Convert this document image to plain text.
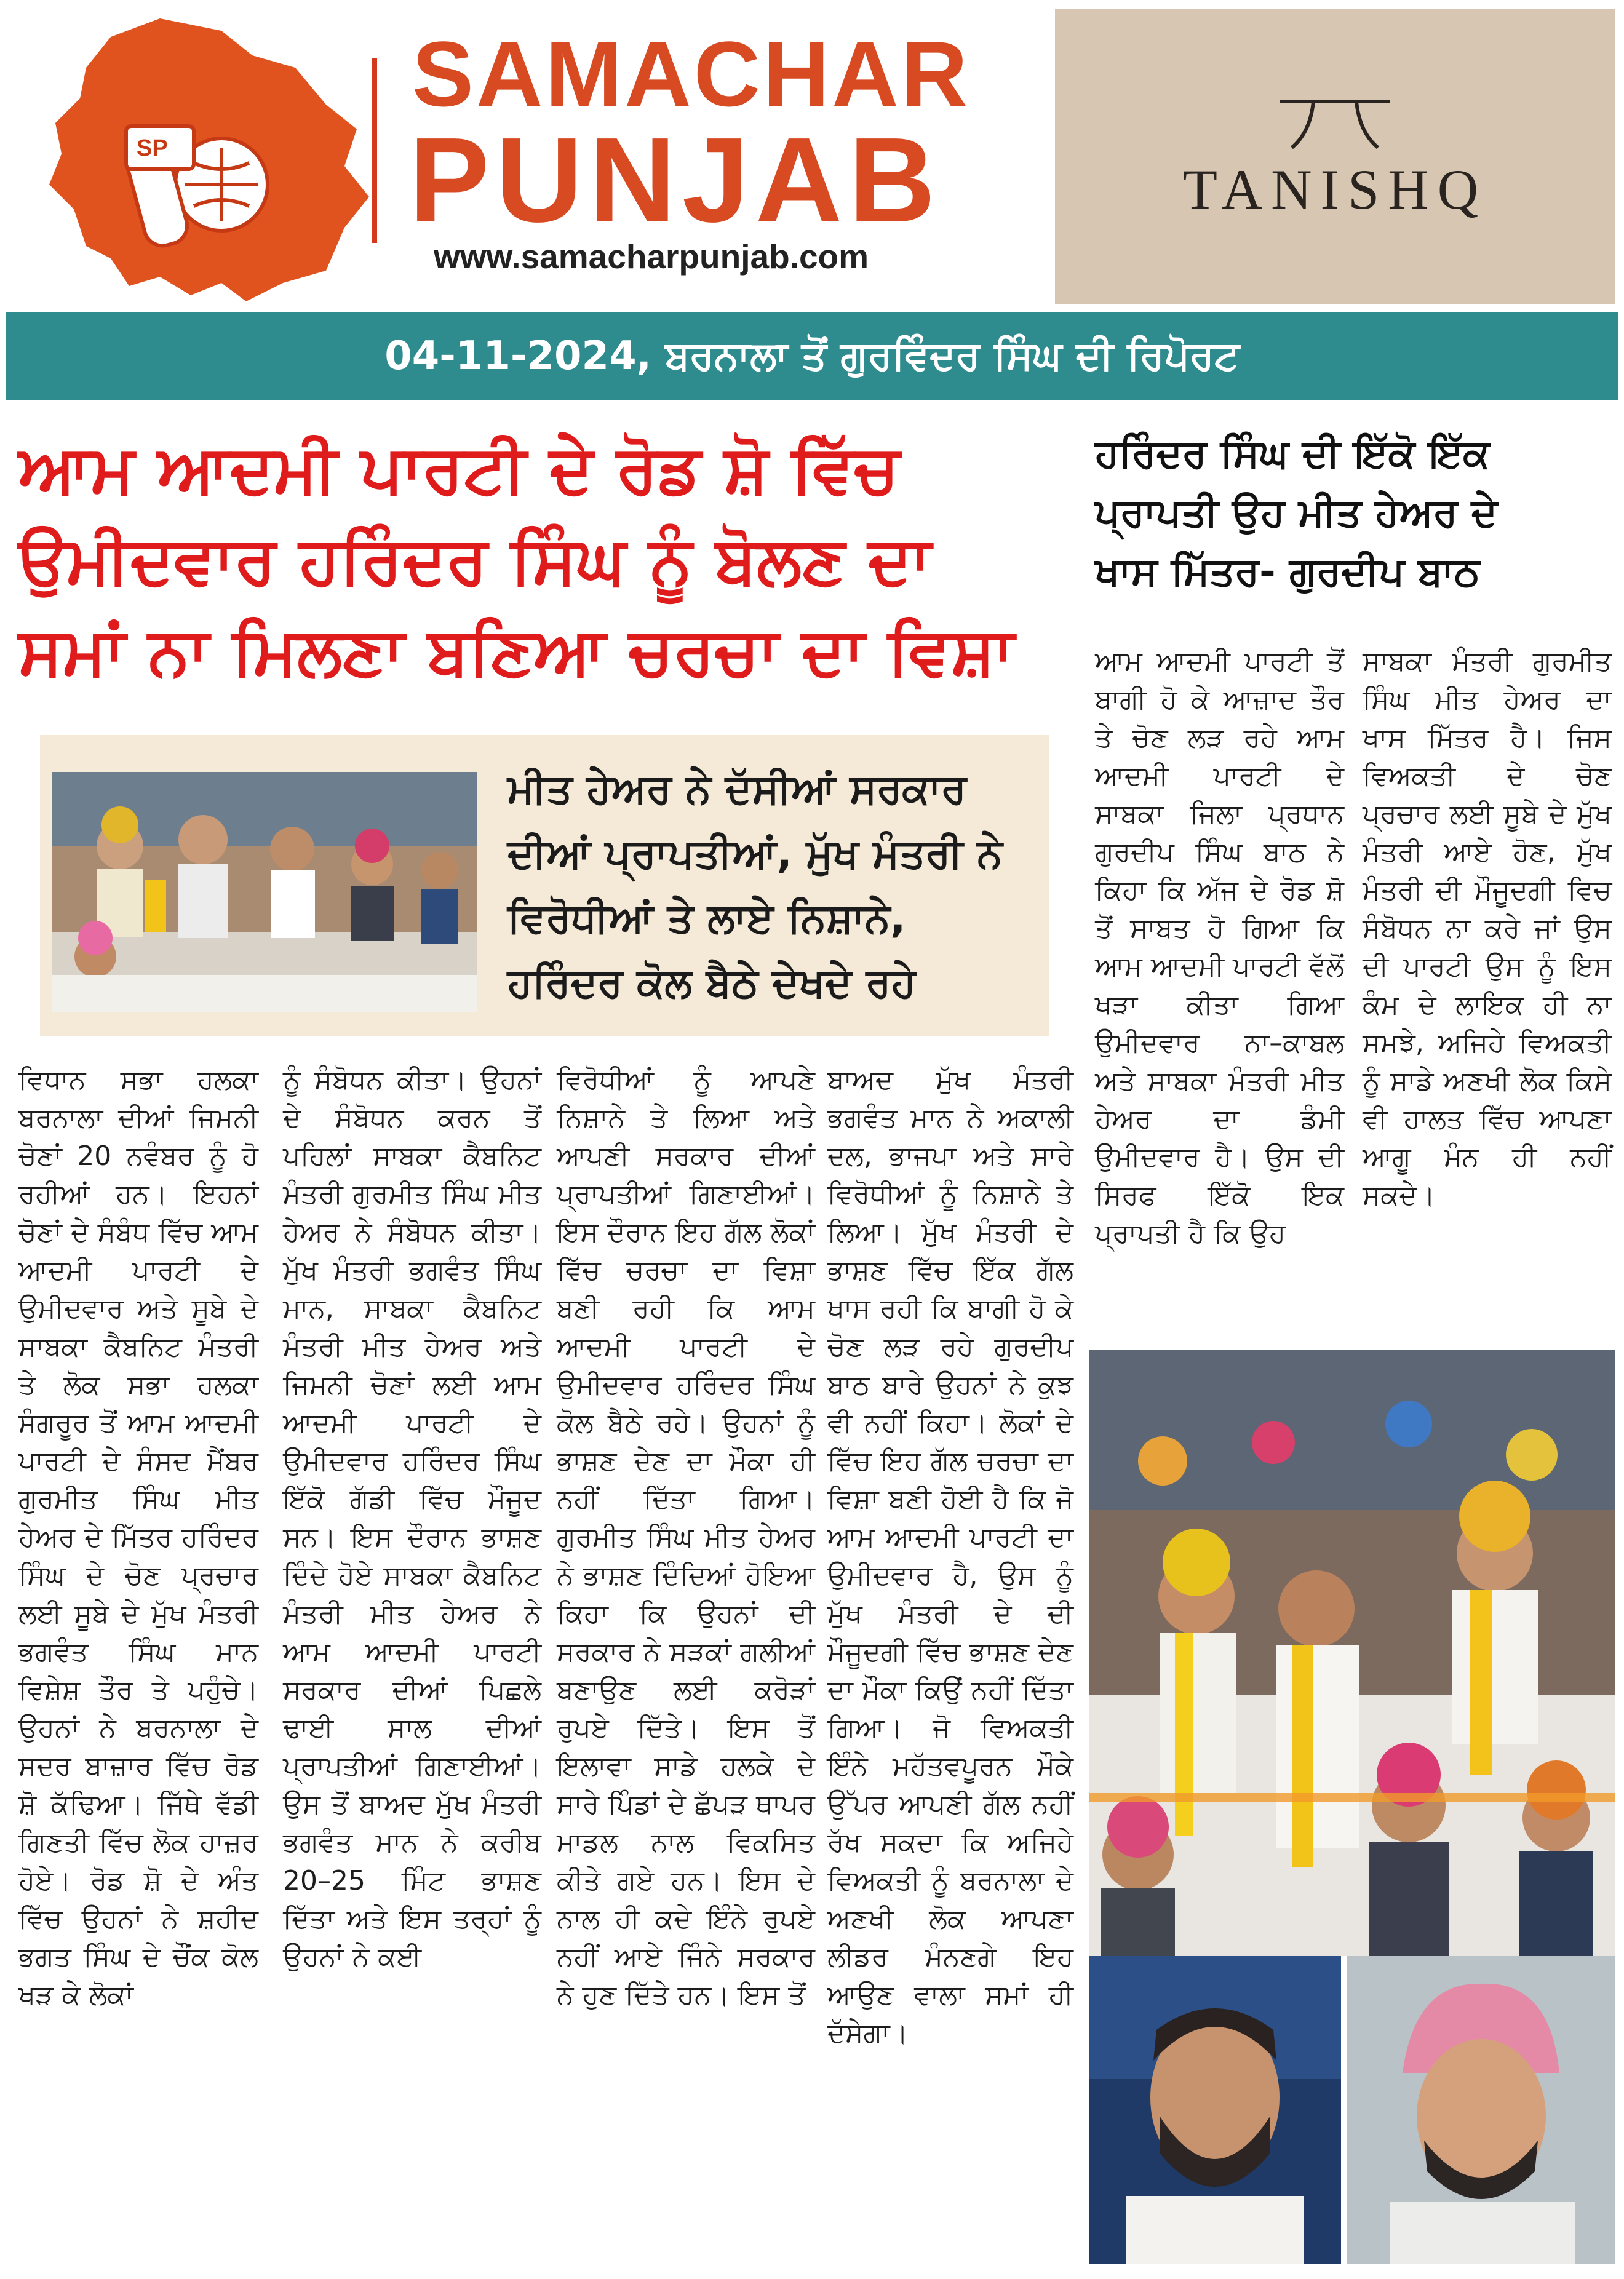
SP
SAMACHAR
PUNJAB
www.samacharpunjab.com
TANISHQ
04-11-2024, ਬਰਨਾਲਾ ਤੋਂ ਗੁਰਵਿੰਦਰ ਸਿੰਘ ਦੀ ਰਿਪੋਰਟ
ਆਮ ਆਦਮੀ ਪਾਰਟੀ ਦੇ ਰੋਡ ਸ਼ੋ ਵਿੱਚ
ਉਮੀਦਵਾਰ ਹਰਿੰਦਰ ਸਿੰਘ ਨੂੰ ਬੋਲਣ ਦਾ
ਸਮਾਂ ਨਾ ਮਿਲਣਾ ਬਣਿਆ ਚਰਚਾ ਦਾ ਵਿਸ਼ਾ
ਹਰਿੰਦਰ ਸਿੰਘ ਦੀ ਇੱਕੋ ਇੱਕ
ਪ੍ਰਾਪਤੀ ਉਹ ਮੀਤ ਹੇਅਰ ਦੇ
ਖਾਸ ਮਿੱਤਰ- ਗੁਰਦੀਪ ਬਾਠ
ਮੀਤ ਹੇਅਰ ਨੇ ਦੱਸੀਆਂ ਸਰਕਾਰ
ਦੀਆਂ ਪ੍ਰਾਪਤੀਆਂ, ਮੁੱਖ ਮੰਤਰੀ ਨੇ
ਵਿਰੋਧੀਆਂ ਤੇ ਲਾਏ ਨਿਸ਼ਾਨੇ,
ਹਰਿੰਦਰ ਕੋਲ ਬੈਠੇ ਦੇਖਦੇ ਰਹੇ
ਵਿਧਾਨ ਸਭਾ ਹਲਕਾ ਬਰਨਾਲਾ ਦੀਆਂ ਜਿਮਨੀ ਚੋਣਾਂ 20 ਨਵੰਬਰ ਨੂੰ ਹੋ ਰਹੀਆਂ ਹਨ। ਇਹਨਾਂ ਚੋਣਾਂ ਦੇ ਸੰਬੰਧ ਵਿੱਚ ਆਮ ਆਦਮੀ ਪਾਰਟੀ ਦੇ ਉਮੀਦਵਾਰ ਅਤੇ ਸੂਬੇ ਦੇ ਸਾਬਕਾ ਕੈਬਨਿਟ ਮੰਤਰੀ ਤੇ ਲੋਕ ਸਭਾ ਹਲਕਾ ਸੰਗਰੂਰ ਤੋਂ ਆਮ ਆਦਮੀ ਪਾਰਟੀ ਦੇ ਸੰਸਦ ਮੈਂਬਰ ਗੁਰਮੀਤ ਸਿੰਘ ਮੀਤ ਹੇਅਰ ਦੇ ਮਿੱਤਰ ਹਰਿੰਦਰ ਸਿੰਘ ਦੇ ਚੋਣ ਪ੍ਰਚਾਰ ਲਈ ਸੂਬੇ ਦੇ ਮੁੱਖ ਮੰਤਰੀ ਭਗਵੰਤ ਸਿੰਘ ਮਾਨ ਵਿਸ਼ੇਸ਼ ਤੌਰ ਤੇ ਪਹੁੰਚੇ। ਉਹਨਾਂ ਨੇ ਬਰਨਾਲਾ ਦੇ ਸਦਰ ਬਾਜ਼ਾਰ ਵਿੱਚ ਰੋਡ ਸ਼ੋ ਕੱਢਿਆ। ਜਿੱਥੇ ਵੱਡੀ ਗਿਣਤੀ ਵਿੱਚ ਲੋਕ ਹਾਜ਼ਰ ਹੋਏ। ਰੋਡ ਸ਼ੋ ਦੇ ਅੰਤ ਵਿੱਚ ਉਹਨਾਂ ਨੇ ਸ਼ਹੀਦ ਭਗਤ ਸਿੰਘ ਦੇ ਚੌਂਕ ਕੋਲ ਖੜ ਕੇ ਲੋਕਾਂ
ਨੂੰ ਸੰਬੋਧਨ ਕੀਤਾ। ਉਹਨਾਂ ਦੇ ਸੰਬੋਧਨ ਕਰਨ ਤੋਂ ਪਹਿਲਾਂ ਸਾਬਕਾ ਕੈਬਨਿਟ ਮੰਤਰੀ ਗੁਰਮੀਤ ਸਿੰਘ ਮੀਤ ਹੇਅਰ ਨੇ ਸੰਬੋਧਨ ਕੀਤਾ। ਮੁੱਖ ਮੰਤਰੀ ਭਗਵੰਤ ਸਿੰਘ ਮਾਨ, ਸਾਬਕਾ ਕੈਬਨਿਟ ਮੰਤਰੀ ਮੀਤ ਹੇਅਰ ਅਤੇ ਜਿਮਨੀ ਚੋਣਾਂ ਲਈ ਆਮ ਆਦਮੀ ਪਾਰਟੀ ਦੇ ਉਮੀਦਵਾਰ ਹਰਿੰਦਰ ਸਿੰਘ ਇੱਕੋ ਗੱਡੀ ਵਿੱਚ ਮੌਜੂਦ ਸਨ। ਇਸ ਦੌਰਾਨ ਭਾਸ਼ਣ ਦਿੰਦੇ ਹੋਏ ਸਾਬਕਾ ਕੈਬਨਿਟ ਮੰਤਰੀ ਮੀਤ ਹੇਅਰ ਨੇ ਆਮ ਆਦਮੀ ਪਾਰਟੀ ਸਰਕਾਰ ਦੀਆਂ ਪਿਛਲੇ ਢਾਈ ਸਾਲ ਦੀਆਂ ਪ੍ਰਾਪਤੀਆਂ ਗਿਣਾਈਆਂ। ਉਸ ਤੋਂ ਬਾਅਦ ਮੁੱਖ ਮੰਤਰੀ ਭਗਵੰਤ ਮਾਨ ਨੇ ਕਰੀਬ 20–25 ਮਿੰਟ ਭਾਸ਼ਣ ਦਿੱਤਾ ਅਤੇ ਇਸ ਤਰ੍ਹਾਂ ਨੂੰ ਉਹਨਾਂ ਨੇ ਕਈ
ਵਿਰੋਧੀਆਂ ਨੂੰ ਆਪਣੇ ਨਿਸ਼ਾਨੇ ਤੇ ਲਿਆ ਅਤੇ ਆਪਣੀ ਸਰਕਾਰ ਦੀਆਂ ਪ੍ਰਾਪਤੀਆਂ ਗਿਣਾਈਆਂ। ਇਸ ਦੌਰਾਨ ਇਹ ਗੱਲ ਲੋਕਾਂ ਵਿੱਚ ਚਰਚਾ ਦਾ ਵਿਸ਼ਾ ਬਣੀ ਰਹੀ ਕਿ ਆਮ ਆਦਮੀ ਪਾਰਟੀ ਦੇ ਉਮੀਦਵਾਰ ਹਰਿੰਦਰ ਸਿੰਘ ਕੋਲ ਬੈਠੇ ਰਹੇ। ਉਹਨਾਂ ਨੂੰ ਭਾਸ਼ਣ ਦੇਣ ਦਾ ਮੌਕਾ ਹੀ ਨਹੀਂ ਦਿੱਤਾ ਗਿਆ। ਗੁਰਮੀਤ ਸਿੰਘ ਮੀਤ ਹੇਅਰ ਨੇ ਭਾਸ਼ਣ ਦਿੰਦਿਆਂ ਹੋਇਆ ਕਿਹਾ ਕਿ ਉਹਨਾਂ ਦੀ ਸਰਕਾਰ ਨੇ ਸੜਕਾਂ ਗਲੀਆਂ ਬਣਾਉਣ ਲਈ ਕਰੋੜਾਂ ਰੁਪਏ ਦਿੱਤੇ। ਇਸ ਤੋਂ ਇਲਾਵਾ ਸਾਡੇ ਹਲਕੇ ਦੇ ਸਾਰੇ ਪਿੰਡਾਂ ਦੇ ਛੱਪੜ ਥਾਪਰ ਮਾਡਲ ਨਾਲ ਵਿਕਸਿਤ ਕੀਤੇ ਗਏ ਹਨ। ਇਸ ਦੇ ਨਾਲ ਹੀ ਕਦੇ ਇੰਨੇ ਰੁਪਏ ਨਹੀਂ ਆਏ ਜਿੰਨੇ ਸਰਕਾਰ ਨੇ ਹੁਣ ਦਿੱਤੇ ਹਨ। ਇਸ ਤੋਂ
ਬਾਅਦ ਮੁੱਖ ਮੰਤਰੀ ਭਗਵੰਤ ਮਾਨ ਨੇ ਅਕਾਲੀ ਦਲ, ਭਾਜਪਾ ਅਤੇ ਸਾਰੇ ਵਿਰੋਧੀਆਂ ਨੂੰ ਨਿਸ਼ਾਨੇ ਤੇ ਲਿਆ। ਮੁੱਖ ਮੰਤਰੀ ਦੇ ਭਾਸ਼ਣ ਵਿੱਚ ਇੱਕ ਗੱਲ ਖਾਸ ਰਹੀ ਕਿ ਬਾਗੀ ਹੋ ਕੇ ਚੋਣ ਲੜ ਰਹੇ ਗੁਰਦੀਪ ਬਾਠ ਬਾਰੇ ਉਹਨਾਂ ਨੇ ਕੁਝ ਵੀ ਨਹੀਂ ਕਿਹਾ। ਲੋਕਾਂ ਦੇ ਵਿੱਚ ਇਹ ਗੱਲ ਚਰਚਾ ਦਾ ਵਿਸ਼ਾ ਬਣੀ ਹੋਈ ਹੈ ਕਿ ਜੋ ਆਮ ਆਦਮੀ ਪਾਰਟੀ ਦਾ ਉਮੀਦਵਾਰ ਹੈ, ਉਸ ਨੂੰ ਮੁੱਖ ਮੰਤਰੀ ਦੇ ਦੀ ਮੌਜੂਦਗੀ ਵਿੱਚ ਭਾਸ਼ਣ ਦੇਣ ਦਾ ਮੌਕਾ ਕਿਉਂ ਨਹੀਂ ਦਿੱਤਾ ਗਿਆ। ਜੋ ਵਿਅਕਤੀ ਇੰਨੇ ਮਹੱਤਵਪੂਰਨ ਮੌਕੇ ਉੱਪਰ ਆਪਣੀ ਗੱਲ ਨਹੀਂ ਰੱਖ ਸਕਦਾ ਕਿ ਅਜਿਹੇ ਵਿਅਕਤੀ ਨੂੰ ਬਰਨਾਲਾ ਦੇ ਅਣਖੀ ਲੋਕ ਆਪਣਾ ਲੀਡਰ ਮੰਨਣਗੇ ਇਹ ਆਉਣ ਵਾਲਾ ਸਮਾਂ ਹੀ ਦੱਸੇਗਾ।
ਆਮ ਆਦਮੀ ਪਾਰਟੀ ਤੋਂ ਬਾਗੀ ਹੋ ਕੇ ਆਜ਼ਾਦ ਤੌਰ ਤੇ ਚੋਣ ਲੜ ਰਹੇ ਆਮ ਆਦਮੀ ਪਾਰਟੀ ਦੇ ਸਾਬਕਾ ਜਿਲਾ ਪ੍ਰਧਾਨ ਗੁਰਦੀਪ ਸਿੰਘ ਬਾਠ ਨੇ ਕਿਹਾ ਕਿ ਅੱਜ ਦੇ ਰੋਡ ਸ਼ੋ ਤੋਂ ਸਾਬਤ ਹੋ ਗਿਆ ਕਿ ਆਮ ਆਦਮੀ ਪਾਰਟੀ ਵੱਲੋਂ ਖੜਾ ਕੀਤਾ ਗਿਆ ਉਮੀਦਵਾਰ ਨਾ–ਕਾਬਲ ਅਤੇ ਸਾਬਕਾ ਮੰਤਰੀ ਮੀਤ ਹੇਅਰ ਦਾ ਡੰਮੀ ਉਮੀਦਵਾਰ ਹੈ। ਉਸ ਦੀ ਸਿਰਫ ਇੱਕੋ ਇਕ ਪ੍ਰਾਪਤੀ ਹੈ ਕਿ ਉਹ
ਸਾਬਕਾ ਮੰਤਰੀ ਗੁਰਮੀਤ ਸਿੰਘ ਮੀਤ ਹੇਅਰ ਦਾ ਖਾਸ ਮਿੱਤਰ ਹੈ। ਜਿਸ ਵਿਅਕਤੀ ਦੇ ਚੋਣ ਪ੍ਰਚਾਰ ਲਈ ਸੂਬੇ ਦੇ ਮੁੱਖ ਮੰਤਰੀ ਆਏ ਹੋਣ, ਮੁੱਖ ਮੰਤਰੀ ਦੀ ਮੌਜੂਦਗੀ ਵਿਚ ਸੰਬੋਧਨ ਨਾ ਕਰੇ ਜਾਂ ਉਸ ਦੀ ਪਾਰਟੀ ਉਸ ਨੂੰ ਇਸ ਕੰਮ ਦੇ ਲਾਇਕ ਹੀ ਨਾ ਸਮਝੇ, ਅਜਿਹੇ ਵਿਅਕਤੀ ਨੂੰ ਸਾਡੇ ਅਣਖੀ ਲੋਕ ਕਿਸੇ ਵੀ ਹਾਲਤ ਵਿੱਚ ਆਪਣਾ ਆਗੂ ਮੰਨ ਹੀ ਨਹੀਂ ਸਕਦੇ।
